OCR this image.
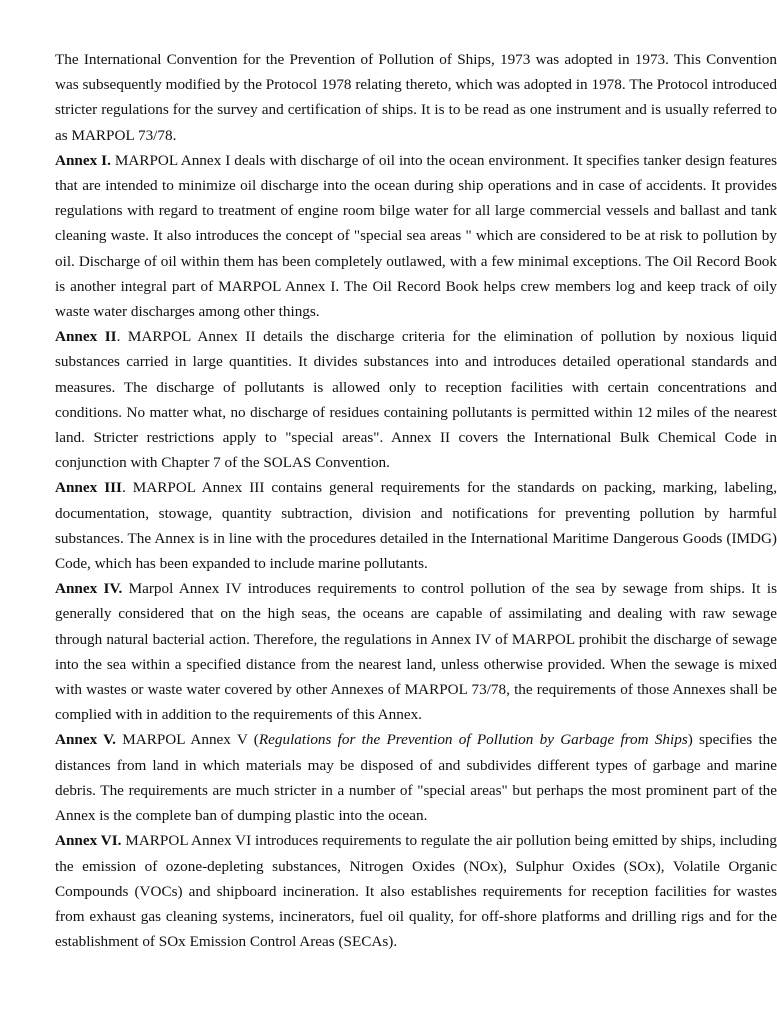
The International Convention for the Prevention of Pollution of Ships, 1973 was adopted in 1973. This Convention was subsequently modified by the Protocol 1978 relating thereto, which was adopted in 1978. The Protocol introduced stricter regulations for the survey and certification of ships. It is to be read as one instrument and is usually referred to as MARPOL 73/78.

Annex I. MARPOL Annex I deals with discharge of oil into the ocean environment. It specifies tanker design features that are intended to minimize oil discharge into the ocean during ship operations and in case of accidents. It provides regulations with regard to treatment of engine room bilge water for all large commercial vessels and ballast and tank cleaning waste. It also introduces the concept of "special sea areas " which are considered to be at risk to pollution by oil. Discharge of oil within them has been completely outlawed, with a few minimal exceptions. The Oil Record Book is another integral part of MARPOL Annex I. The Oil Record Book helps crew members log and keep track of oily waste water discharges among other things.

Annex II. MARPOL Annex II details the discharge criteria for the elimination of pollution by noxious liquid substances carried in large quantities. It divides substances into and introduces detailed operational standards and measures. The discharge of pollutants is allowed only to reception facilities with certain concentrations and conditions. No matter what, no discharge of residues containing pollutants is permitted within 12 miles of the nearest land. Stricter restrictions apply to "special areas". Annex II covers the International Bulk Chemical Code in conjunction with Chapter 7 of the SOLAS Convention.

Annex III. MARPOL Annex III contains general requirements for the standards on packing, marking, labeling, documentation, stowage, quantity subtraction, division and notifications for preventing pollution by harmful substances. The Annex is in line with the procedures detailed in the International Maritime Dangerous Goods (IMDG) Code, which has been expanded to include marine pollutants.

Annex IV. Marpol Annex IV introduces requirements to control pollution of the sea by sewage from ships. It is generally considered that on the high seas, the oceans are capable of assimilating and dealing with raw sewage through natural bacterial action. Therefore, the regulations in Annex IV of MARPOL prohibit the discharge of sewage into the sea within a specified distance from the nearest land, unless otherwise provided. When the sewage is mixed with wastes or waste water covered by other Annexes of MARPOL 73/78, the requirements of those Annexes shall be complied with in addition to the requirements of this Annex.

Annex V. MARPOL Annex V (Regulations for the Prevention of Pollution by Garbage from Ships) specifies the distances from land in which materials may be disposed of and subdivides different types of garbage and marine debris. The requirements are much stricter in a number of "special areas" but perhaps the most prominent part of the Annex is the complete ban of dumping plastic into the ocean.

Annex VI. MARPOL Annex VI introduces requirements to regulate the air pollution being emitted by ships, including the emission of ozone-depleting substances, Nitrogen Oxides (NOx), Sulphur Oxides (SOx), Volatile Organic Compounds (VOCs) and shipboard incineration. It also establishes requirements for reception facilities for wastes from exhaust gas cleaning systems, incinerators, fuel oil quality, for off-shore platforms and drilling rigs and for the establishment of SOx Emission Control Areas (SECAs).
